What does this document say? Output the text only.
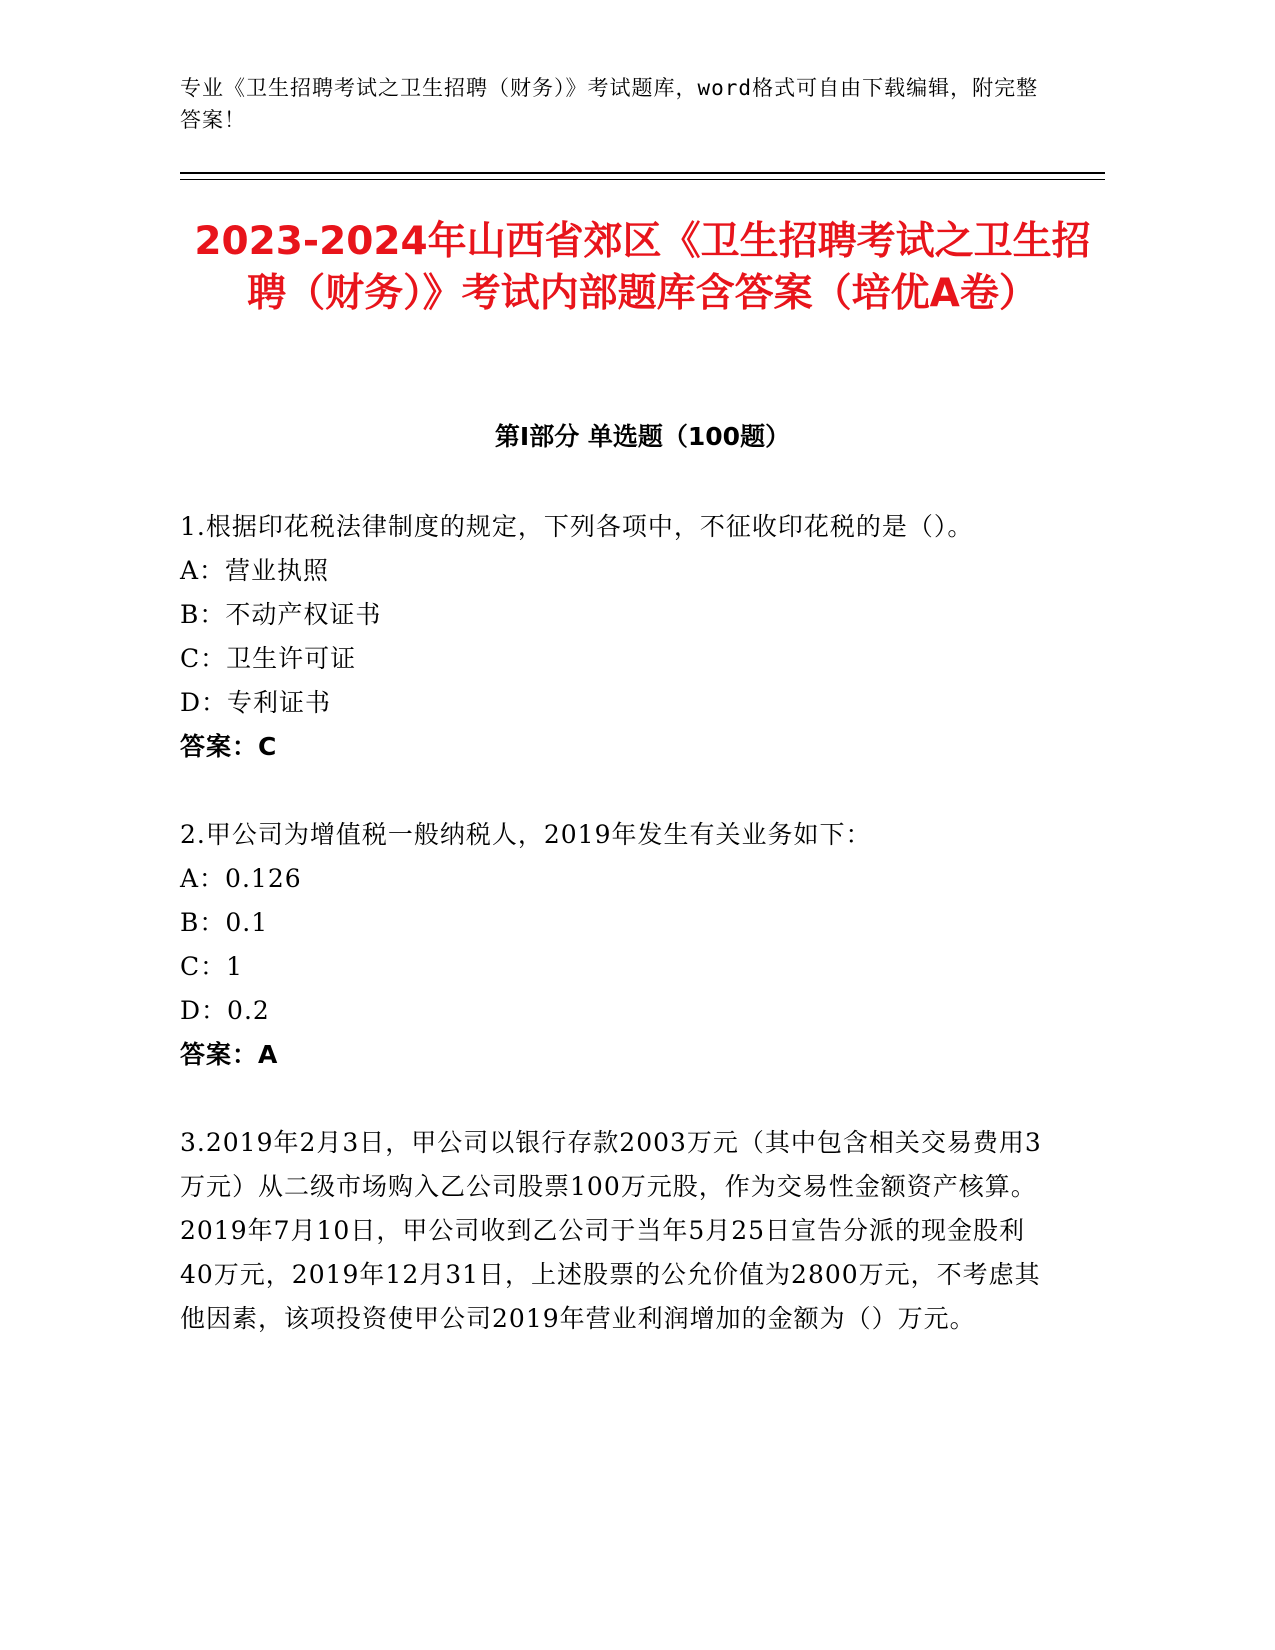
专业《卫生招聘考试之卫生招聘（财务）》考试题库，word格式可自由下载编辑，附完整答案！
2023-2024年山西省郊区《卫生招聘考试之卫生招聘（财务）》考试内部题库含答案（培优A卷）
第I部分 单选题（100题）

1.根据印花税法律制度的规定，下列各项中，不征收印花税的是（）。

A：营业执照

B：不动产权证书

C：卫生许可证

D：专利证书

答案：C

2.甲公司为增值税一般纳税人，2019年发生有关业务如下：

A：0.126

B：0.1

C：1

D：0.2

答案：A

3.2019年2月3日，甲公司以银行存款2003万元（其中包含相关交易费用3万元）从二级市场购入乙公司股票100万元股，作为交易性金额资产核算。2019年7月10日，甲公司收到乙公司于当年5月25日宣告分派的现金股利40万元，2019年12月31日，上述股票的公允价值为2800万元，不考虑其他因素，该项投资使甲公司2019年营业利润增加的金额为（）万元。
